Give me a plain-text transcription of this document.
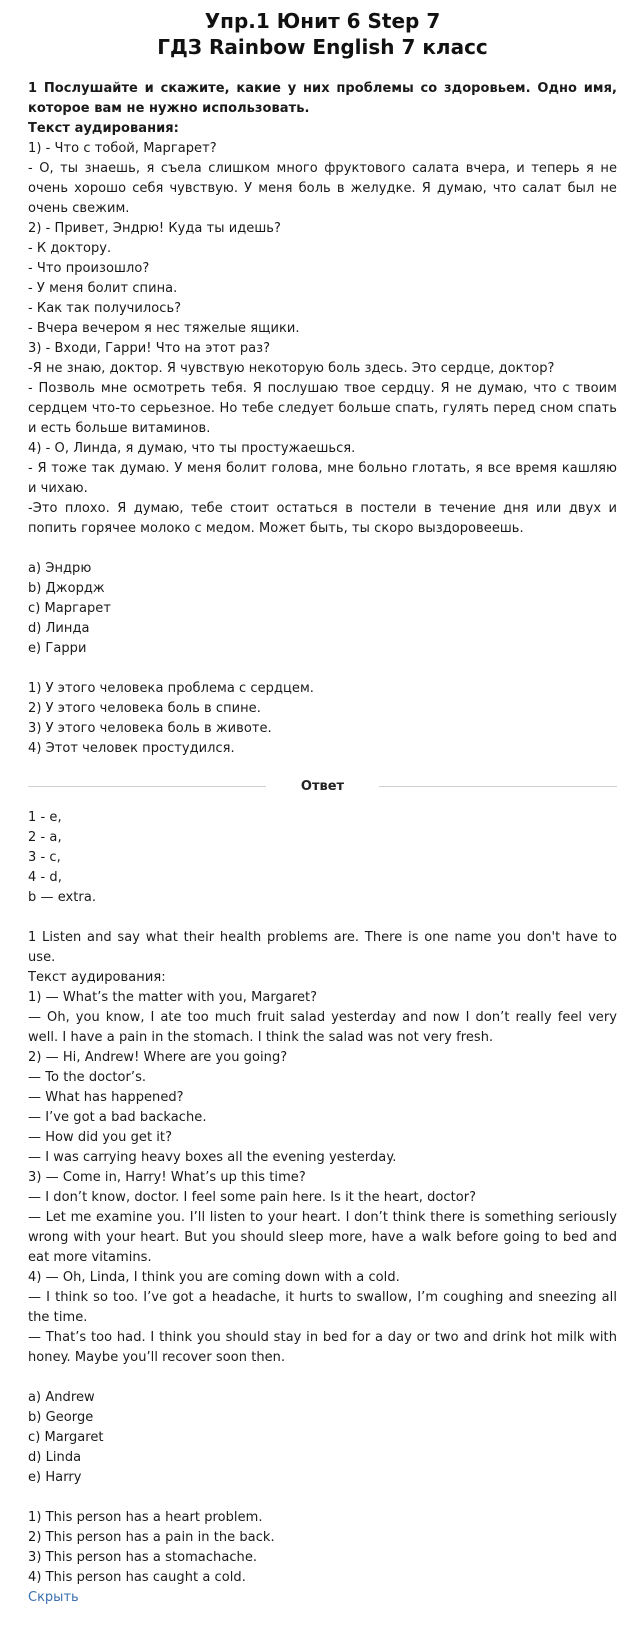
Упр.1 Юнит 6 Step 7
ГДЗ Rainbow English 7 класс

1 Послушайте и скажите, какие у них проблемы со здоровьем. Одно имя, которое вам не нужно использовать.

Текст аудирования:

1) - Что с тобой, Маргарет?

- О, ты знаешь, я съела слишком много фруктового салата вчера, и теперь я не очень хорошо себя чувствую. У меня боль в желудке. Я думаю, что салат был не очень свежим.

2) - Привет, Эндрю! Куда ты идешь?

- К доктору.

- Что произошло?

- У меня болит спина.

- Как так получилось?

- Вчера вечером я нес тяжелые ящики.

3) - Входи, Гарри! Что на этот раз?

-Я не знаю, доктор. Я чувствую некоторую боль здесь. Это сердце, доктор?

- Позволь мне осмотреть тебя. Я послушаю твое сердцу. Я не думаю, что с твоим сердцем что-то серьезное. Но тебе следует больше спать, гулять перед сном спать и есть больше витаминов.

4) - О, Линда, я думаю, что ты простужаешься.

- Я тоже так думаю. У меня болит голова, мне больно глотать, я все время кашляю и чихаю.

-Это плохо. Я думаю, тебе стоит остаться в постели в течение дня или двух и попить горячее молоко с медом. Может быть, ты скоро выздоровеешь.

a) Эндрю

b) Джордж

c) Маргарет

d) Линда

e) Гарри

1) У этого человека проблема с сердцем.

2) У этого человека боль в спине.

3) У этого человека боль в животе.

4) Этот человек простудился.

Ответ

1 - e,

2 - a,

3 - c,

4 - d,

b — extra.

1 Listen and say what their health problems are. There is one name you don't have to use.

Текст аудирования:

1) — What’s the matter with you, Margaret?

— Oh, you know, I ate too much fruit salad yesterday and now I don’t really feel very well. I have a pain in the stomach. I think the salad was not very fresh.

2) — Hi, Andrew! Where are you going?

— To the doctor’s.

— What has happened?

— I’ve got a bad backache.

— How did you get it?

— I was carrying heavy boxes all the evening yesterday.

3) — Come in, Harry! What’s up this time?

— I don’t know, doctor. I feel some pain here. Is it the heart, doctor?

— Let me examine you. I’ll listen to your heart. I don’t think there is something seriously wrong with your heart. But you should sleep more, have a walk before going to bed and eat more vitamins.

4) — Oh, Linda, I think you are coming down with a cold.

— I think so too. I’ve got a headache, it hurts to swallow, I’m coughing and sneezing all the time.

— That’s too had. I think you should stay in bed for a day or two and drink hot milk with honey. Maybe you’ll recover soon then.

a) Andrew

b) George

c) Margaret

d) Linda

e) Harry

1) This person has a heart problem.

2) This person has a pain in the back.

3) This person has a stomachache.

4) This person has caught a cold.

Скрыть
